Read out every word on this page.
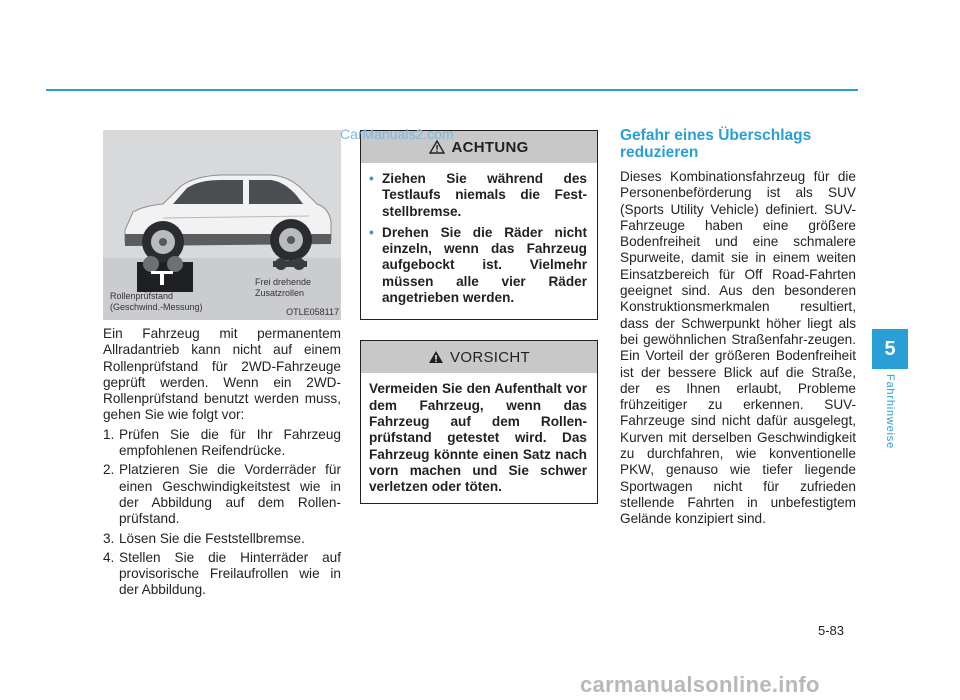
Rollenprüfstand
(Geschwind.-Messung)
Frei drehende
Zusatzrollen
OTLE058117

Ein Fahrzeug mit permanentem Allradantrieb kann nicht auf einem Rollenprüfstand für 2WD-Fahrzeuge geprüft werden. Wenn ein 2WD-Rollenprüfstand benutzt werden muss, gehen Sie wie folgt vor:

1. Prüfen Sie die für Ihr Fahrzeug empfohlenen Reifendrücke.
2. Platzieren Sie die Vorderräder für einen Geschwindigkeitstest wie in der Abbildung auf dem Rollen-prüfstand.
3. Lösen Sie die Feststellbremse.
4. Stellen Sie die Hinterräder auf provisorische Freilaufrollen wie in der Abbildung.
ACHTUNG
• Ziehen Sie während des Testlaufs niemals die Fest-stellbremse.
• Drehen Sie die Räder nicht einzeln, wenn das Fahrzeug aufgebockt ist. Vielmehr müssen alle vier Räder angetrieben werden.
VORSICHT
Vermeiden Sie den Aufenthalt vor dem Fahrzeug, wenn das Fahrzeug auf dem Rollen-prüfstand getestet wird. Das Fahrzeug könnte einen Satz nach vorn machen und Sie schwer verletzen oder töten.
Gefahr eines Überschlags reduzieren

Dieses Kombinationsfahrzeug für die Personenbeförderung ist als SUV (Sports Utility Vehicle) definiert. SUV-Fahrzeuge haben eine größere Bodenfreiheit und eine schmalere Spurweite, damit sie in einem weiten Einsatzbereich für Off Road-Fahrten geeignet sind. Aus den besonderen Konstruktionsmerkmalen resultiert, dass der Schwerpunkt höher liegt als bei gewöhnlichen Straßenfahr-zeugen. Ein Vorteil der größeren Bodenfreiheit ist der bessere Blick auf die Straße, der es Ihnen erlaubt, Probleme frühzeitiger zu erkennen. SUV-Fahrzeuge sind nicht dafür ausgelegt, Kurven mit derselben Geschwindigkeit zu durchfahren, wie konventionelle PKW, genauso wie tiefer liegende Sportwagen nicht für zufrieden stellende Fahrten in unbefestigtem Gelände konzipiert sind.

5
Fahrhinweise
5-83
CarManuals2.com
carmanualsonline.info
